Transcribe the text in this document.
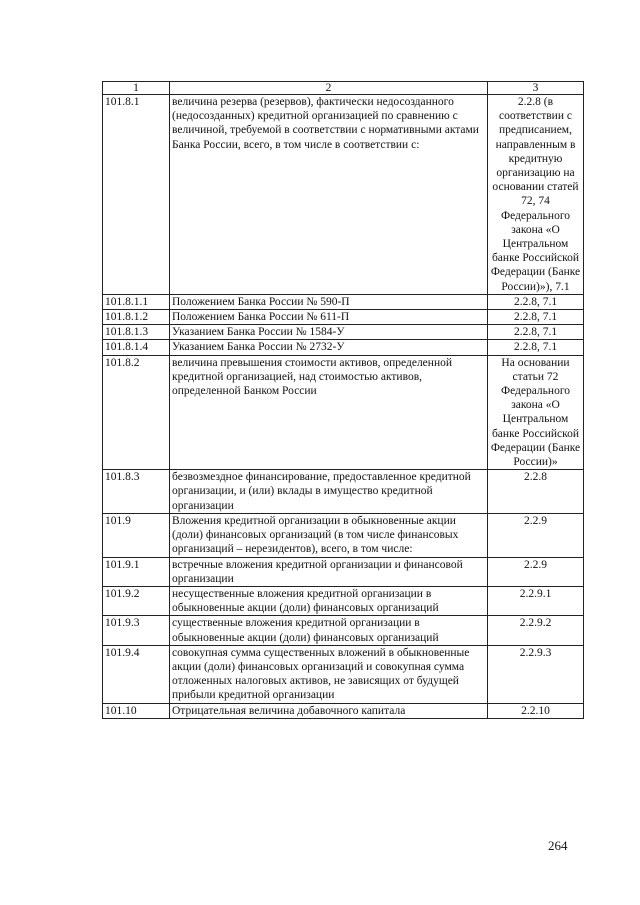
1	2	3
101.8.1	величина резерва (резервов), фактически недосозданного (недосозданных) кредитной организацией по сравнению с величиной, требуемой в соответствии с нормативными актами Банка России, всего, в том числе в соответствии с:	2.2.8 (в соответствии с предписанием, направленным в кредитную организацию на основании статей 72, 74 Федерального закона «О Центральном банке Российской Федерации (Банке России)»), 7.1
101.8.1.1	Положением Банка России № 590-П	2.2.8, 7.1
101.8.1.2	Положением Банка России № 611-П	2.2.8, 7.1
101.8.1.3	Указанием Банка России № 1584-У	2.2.8, 7.1
101.8.1.4	Указанием Банка России № 2732-У	2.2.8, 7.1
101.8.2	величина превышения стоимости активов, определенной кредитной организацией, над стоимостью активов, определенной Банком России	На основании статьи 72 Федерального закона «О Центральном банке Российской Федерации (Банке России)»
101.8.3	безвозмездное финансирование, предоставленное кредитной организации, и (или) вклады в имущество кредитной организации	2.2.8
101.9	Вложения кредитной организации в обыкновенные акции (доли) финансовых организаций (в том числе финансовых организаций – нерезидентов), всего, в том числе:	2.2.9
101.9.1	встречные вложения кредитной организации и финансовой организации	2.2.9
101.9.2	несущественные вложения кредитной организации в обыкновенные акции (доли) финансовых организаций	2.2.9.1
101.9.3	существенные вложения кредитной организации в обыкновенные акции (доли) финансовых организаций	2.2.9.2
101.9.4	совокупная сумма существенных вложений в обыкновенные акции (доли) финансовых организаций и совокупная сумма отложенных налоговых активов, не зависящих от будущей прибыли кредитной организации	2.2.9.3
101.10	Отрицательная величина добавочного капитала	2.2.10
264
